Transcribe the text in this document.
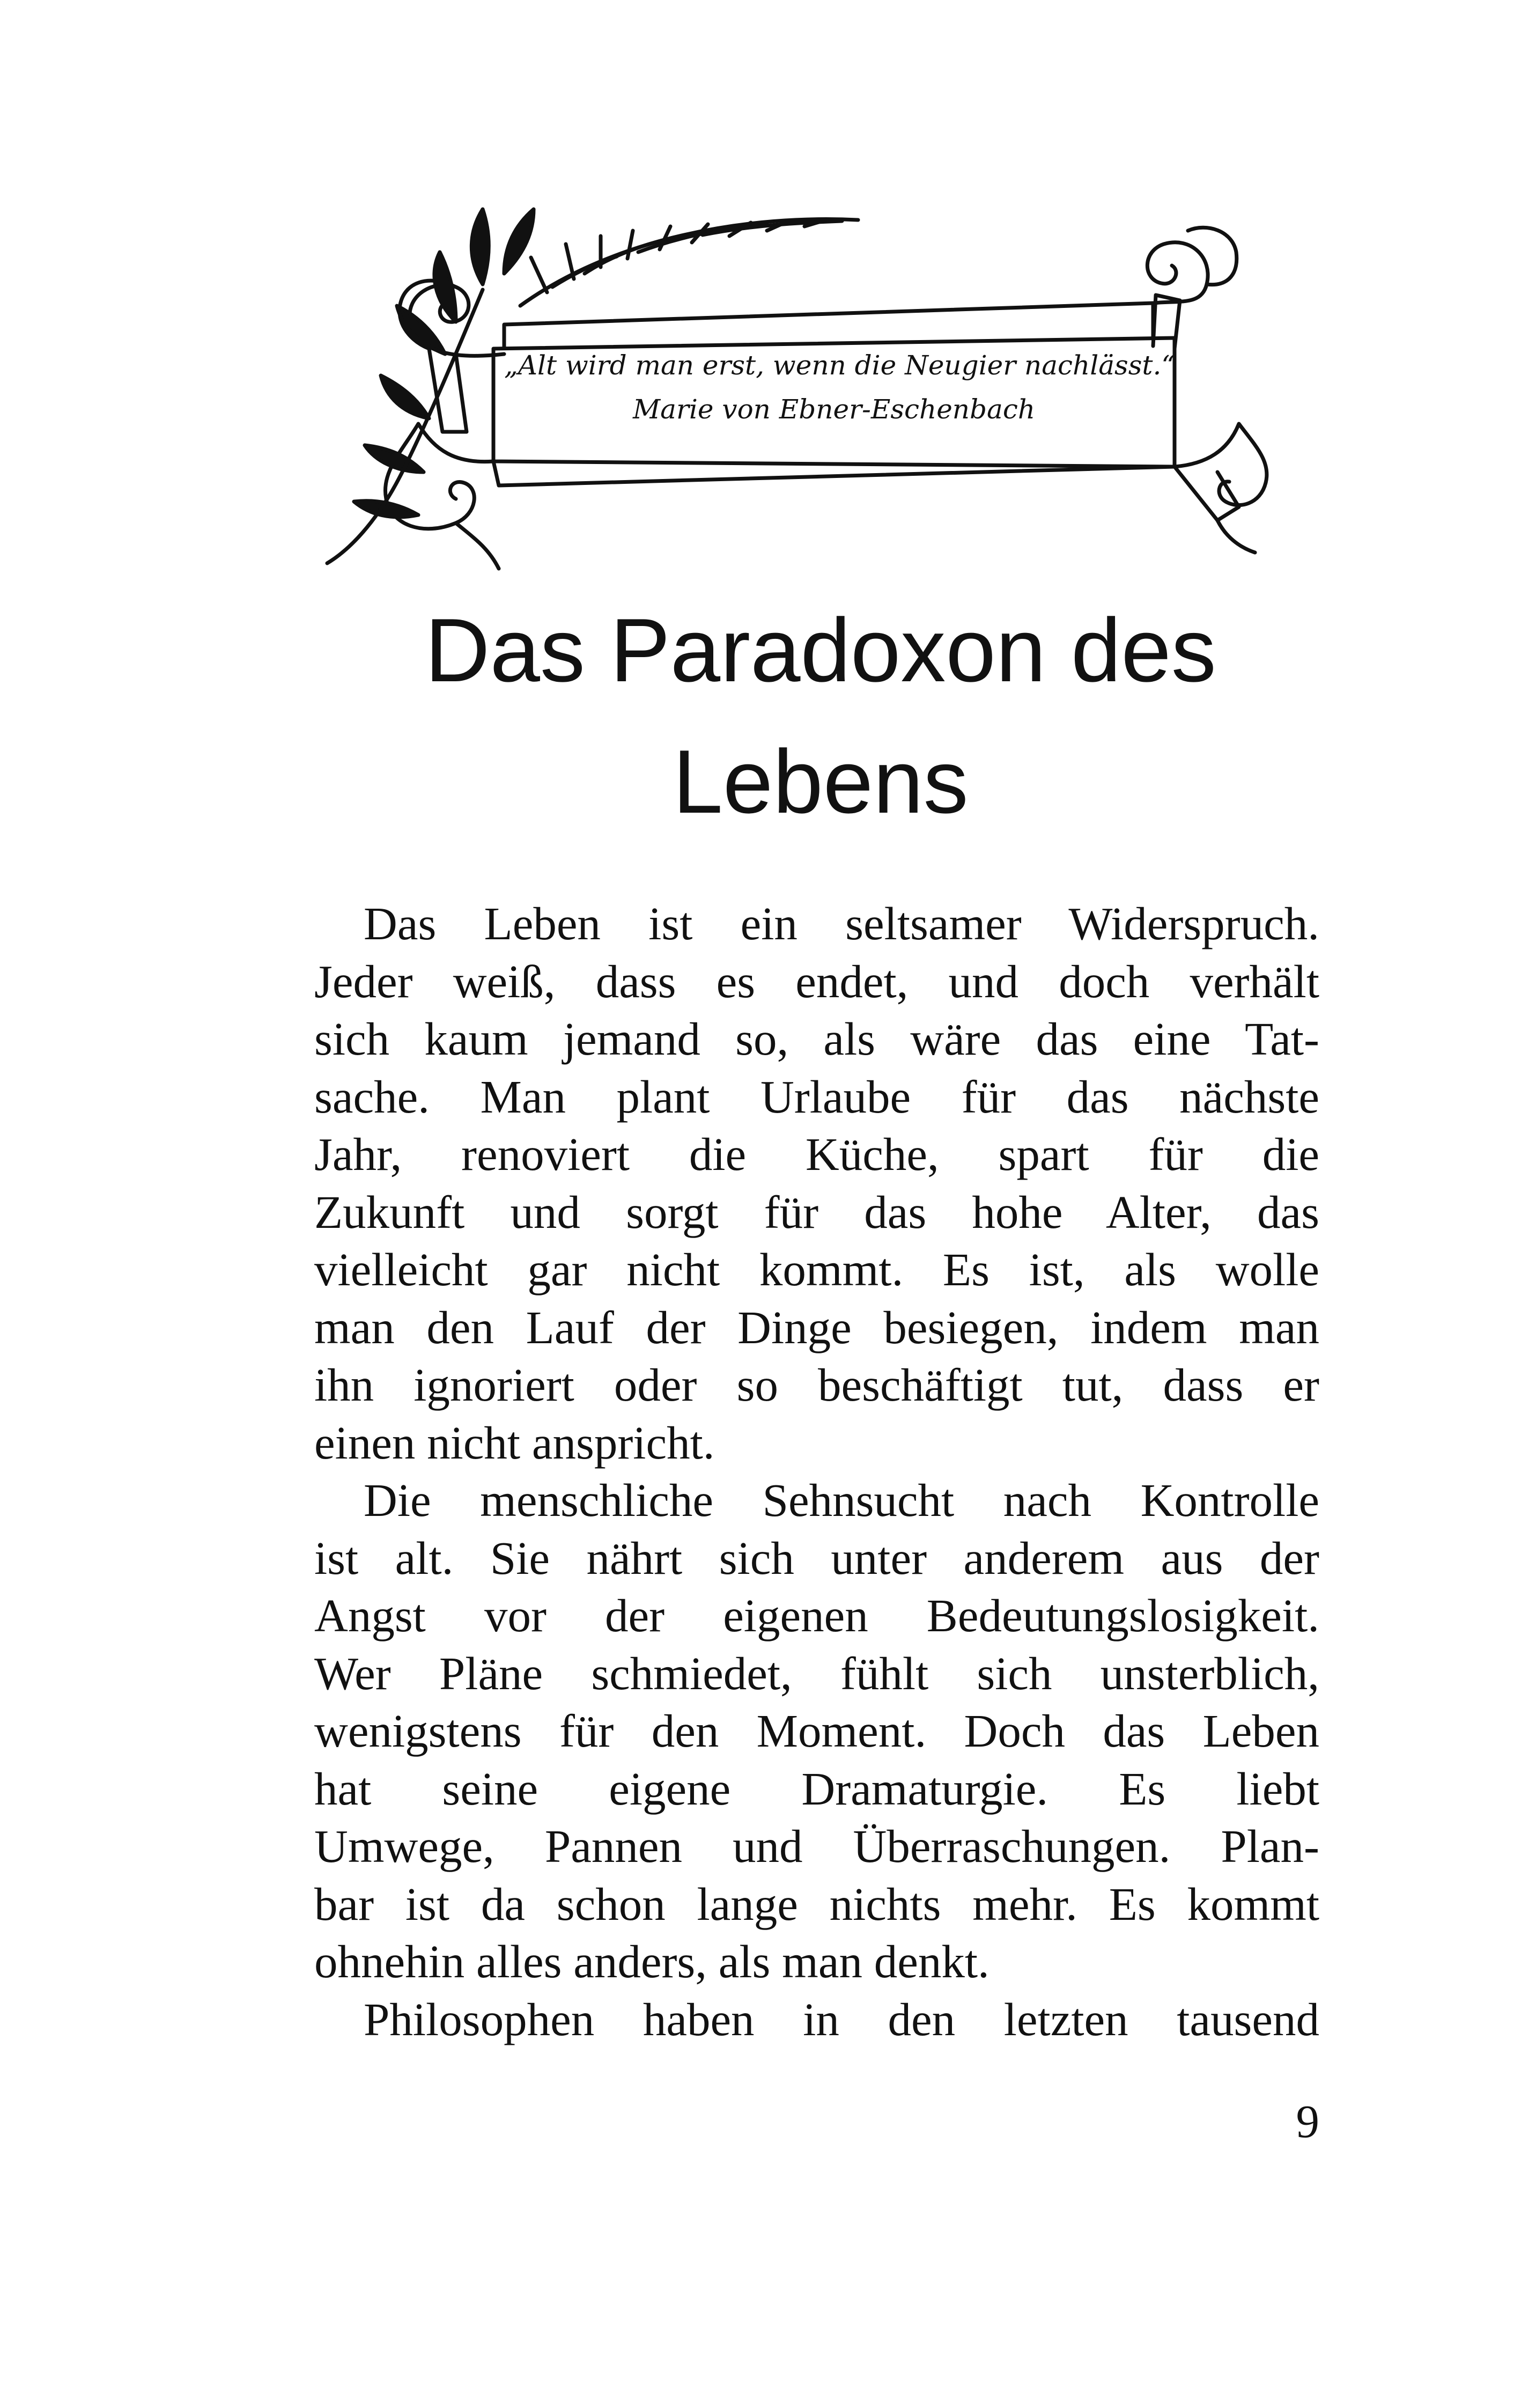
„Alt wird man erst, wenn die Neugier nachlässt.“
Marie von Ebner-Eschenbach
Das Paradoxon des
Lebens
Das Leben ist ein seltsamer Widerspruch.
Jeder weiß, dass es endet, und doch verhält
sich kaum jemand so, als wäre das eine Tat-
sache. Man plant Urlaube für das nächste
Jahr, renoviert die Küche, spart für die
Zukunft und sorgt für das hohe Alter, das
vielleicht gar nicht kommt. Es ist, als wolle
man den Lauf der Dinge besiegen, indem man
ihn ignoriert oder so beschäftigt tut, dass er
einen nicht anspricht.
Die menschliche Sehnsucht nach Kontrolle
ist alt. Sie nährt sich unter anderem aus der
Angst vor der eigenen Bedeutungslosigkeit.
Wer Pläne schmiedet, fühlt sich unsterblich,
wenigstens für den Moment. Doch das Leben
hat seine eigene Dramaturgie. Es liebt
Umwege, Pannen und Überraschungen. Plan-
bar ist da schon lange nichts mehr. Es kommt
ohnehin alles anders, als man denkt.
Philosophen haben in den letzten tausend
9
